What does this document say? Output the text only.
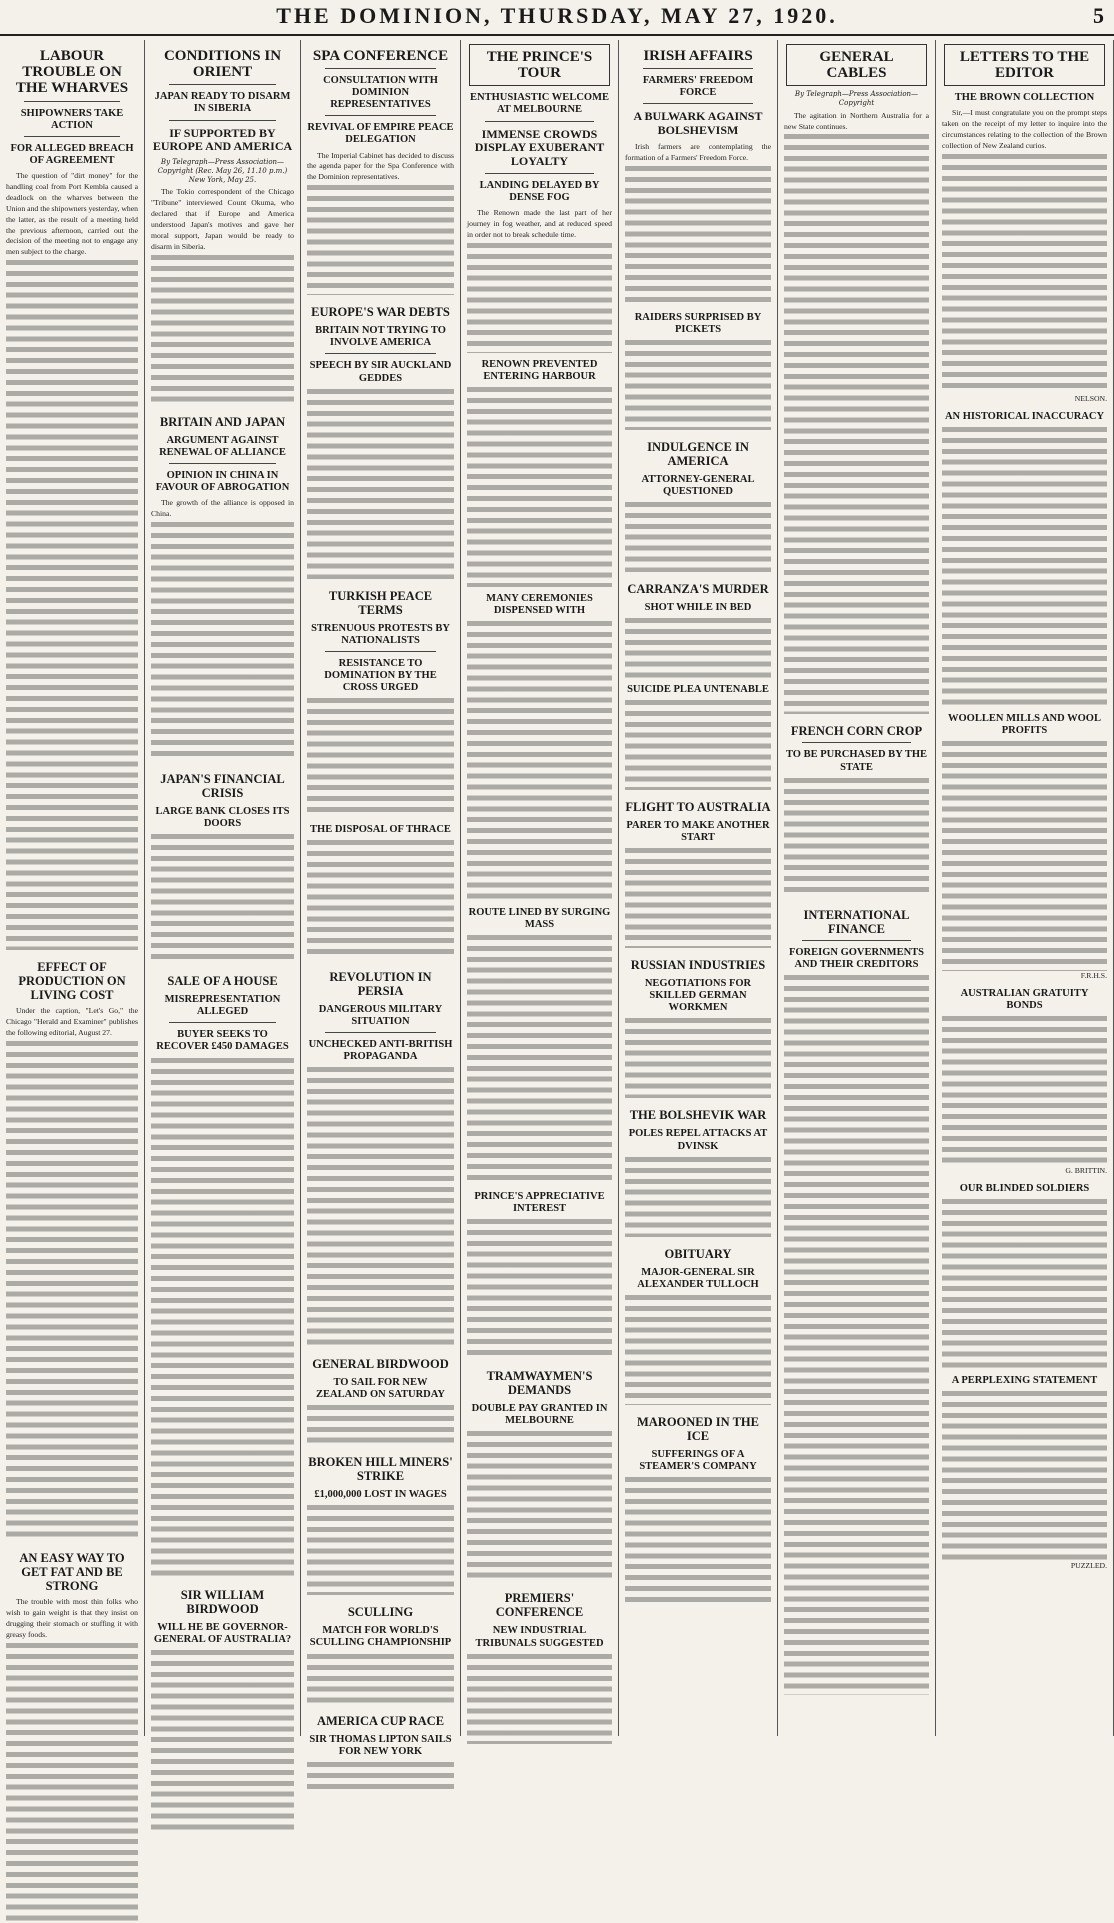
THE DOMINION, THURSDAY, MAY 27, 1920.	5
LABOUR TROUBLE ON THE WHARVES
SHIPOWNERS TAKE ACTION
FOR ALLEGED BREACH OF AGREEMENT

The question of "dirt money" for the handling coal from Port Kembla caused a deadlock on the wharves between the Union and the shipowners yesterday, when the latter, as the result of a meeting held the previous afternoon, carried out the decision of the meeting not to engage any men subject to the charge.

EFFECT OF PRODUCTION ON LIVING COST

Under the caption, "Let's Go," the Chicago "Herald and Examiner" publishes the following editorial, August 27.

AN EASY WAY TO GET FAT AND BE STRONG

The trouble with most thin folks who wish to gain weight is that they insist on drugging their stomach or stuffing it with greasy foods.

CONDITIONS IN ORIENT
JAPAN READY TO DISARM IN SIBERIA
IF SUPPORTED BY EUROPE AND AMERICA
By Telegraph—Press Association—Copyright (Rec. May 26, 11.10 p.m.) New York, May 25.

The Tokio correspondent of the Chicago "Tribune" interviewed Count Okuma, who declared that if Europe and America understood Japan's motives and gave her moral support, Japan would be ready to disarm in Siberia.

BRITAIN AND JAPAN
ARGUMENT AGAINST RENEWAL OF ALLIANCE
OPINION IN CHINA IN FAVOUR OF ABROGATION

The growth of the alliance is opposed in China.

JAPAN'S FINANCIAL CRISIS
LARGE BANK CLOSES ITS DOORS
SALE OF A HOUSE
MISREPRESENTATION ALLEGED
BUYER SEEKS TO RECOVER £450 DAMAGES
SIR WILLIAM BIRDWOOD
WILL HE BE GOVERNOR-GENERAL OF AUSTRALIA?
SPA CONFERENCE
CONSULTATION WITH DOMINION REPRESENTATIVES
REVIVAL OF EMPIRE PEACE DELEGATION

The Imperial Cabinet has decided to discuss the agenda paper for the Spa Conference with the Dominion representatives.

EUROPE'S WAR DEBTS
BRITAIN NOT TRYING TO INVOLVE AMERICA
SPEECH BY SIR AUCKLAND GEDDES
TURKISH PEACE TERMS
STRENUOUS PROTESTS BY NATIONALISTS
RESISTANCE TO DOMINATION BY THE CROSS URGED
THE DISPOSAL OF THRACE
REVOLUTION IN PERSIA
DANGEROUS MILITARY SITUATION
UNCHECKED ANTI-BRITISH PROPAGANDA
GENERAL BIRDWOOD
TO SAIL FOR NEW ZEALAND ON SATURDAY
BROKEN HILL MINERS' STRIKE
£1,000,000 LOST IN WAGES
SCULLING
MATCH FOR WORLD'S SCULLING CHAMPIONSHIP
AMERICA CUP RACE
SIR THOMAS LIPTON SAILS FOR NEW YORK
THE PRINCE'S TOUR
ENTHUSIASTIC WELCOME AT MELBOURNE
IMMENSE CROWDS DISPLAY EXUBERANT LOYALTY
LANDING DELAYED BY DENSE FOG

The Renown made the last part of her journey in fog weather, and at reduced speed in order not to break schedule time.

RENOWN PREVENTED ENTERING HARBOUR
MANY CEREMONIES DISPENSED WITH
ROUTE LINED BY SURGING MASS
PRINCE'S APPRECIATIVE INTEREST
TRAMWAYMEN'S DEMANDS
DOUBLE PAY GRANTED IN MELBOURNE
PREMIERS' CONFERENCE
NEW INDUSTRIAL TRIBUNALS SUGGESTED
IRISH AFFAIRS
FARMERS' FREEDOM FORCE
A BULWARK AGAINST BOLSHEVISM

Irish farmers are contemplating the formation of a Farmers' Freedom Force.

RAIDERS SURPRISED BY PICKETS
INDULGENCE IN AMERICA
ATTORNEY-GENERAL QUESTIONED
CARRANZA'S MURDER
SHOT WHILE IN BED
SUICIDE PLEA UNTENABLE
FLIGHT TO AUSTRALIA
PARER TO MAKE ANOTHER START
RUSSIAN INDUSTRIES
NEGOTIATIONS FOR SKILLED GERMAN WORKMEN
THE BOLSHEVIK WAR
POLES REPEL ATTACKS AT DVINSK
OBITUARY
MAJOR-GENERAL SIR ALEXANDER TULLOCH
MAROONED IN THE ICE
SUFFERINGS OF A STEAMER'S COMPANY
GENERAL CABLES
By Telegraph—Press Association—Copyright

The agitation in Northern Australia for a new State continues.

FRENCH CORN CROP
TO BE PURCHASED BY THE STATE
INTERNATIONAL FINANCE
FOREIGN GOVERNMENTS AND THEIR CREDITORS
LETTERS TO THE EDITOR
THE BROWN COLLECTION

Sir,—I must congratulate you on the prompt steps taken on the receipt of my letter to inquire into the circumstances relating to the collection of the Brown collection of New Zealand curios.

NELSON.

AN HISTORICAL INACCURACY
WOOLLEN MILLS AND WOOL PROFITS

F.R.H.S.

AUSTRALIAN GRATUITY BONDS

G. BRITTIN.

OUR BLINDED SOLDIERS
A PERPLEXING STATEMENT

PUZZLED.
